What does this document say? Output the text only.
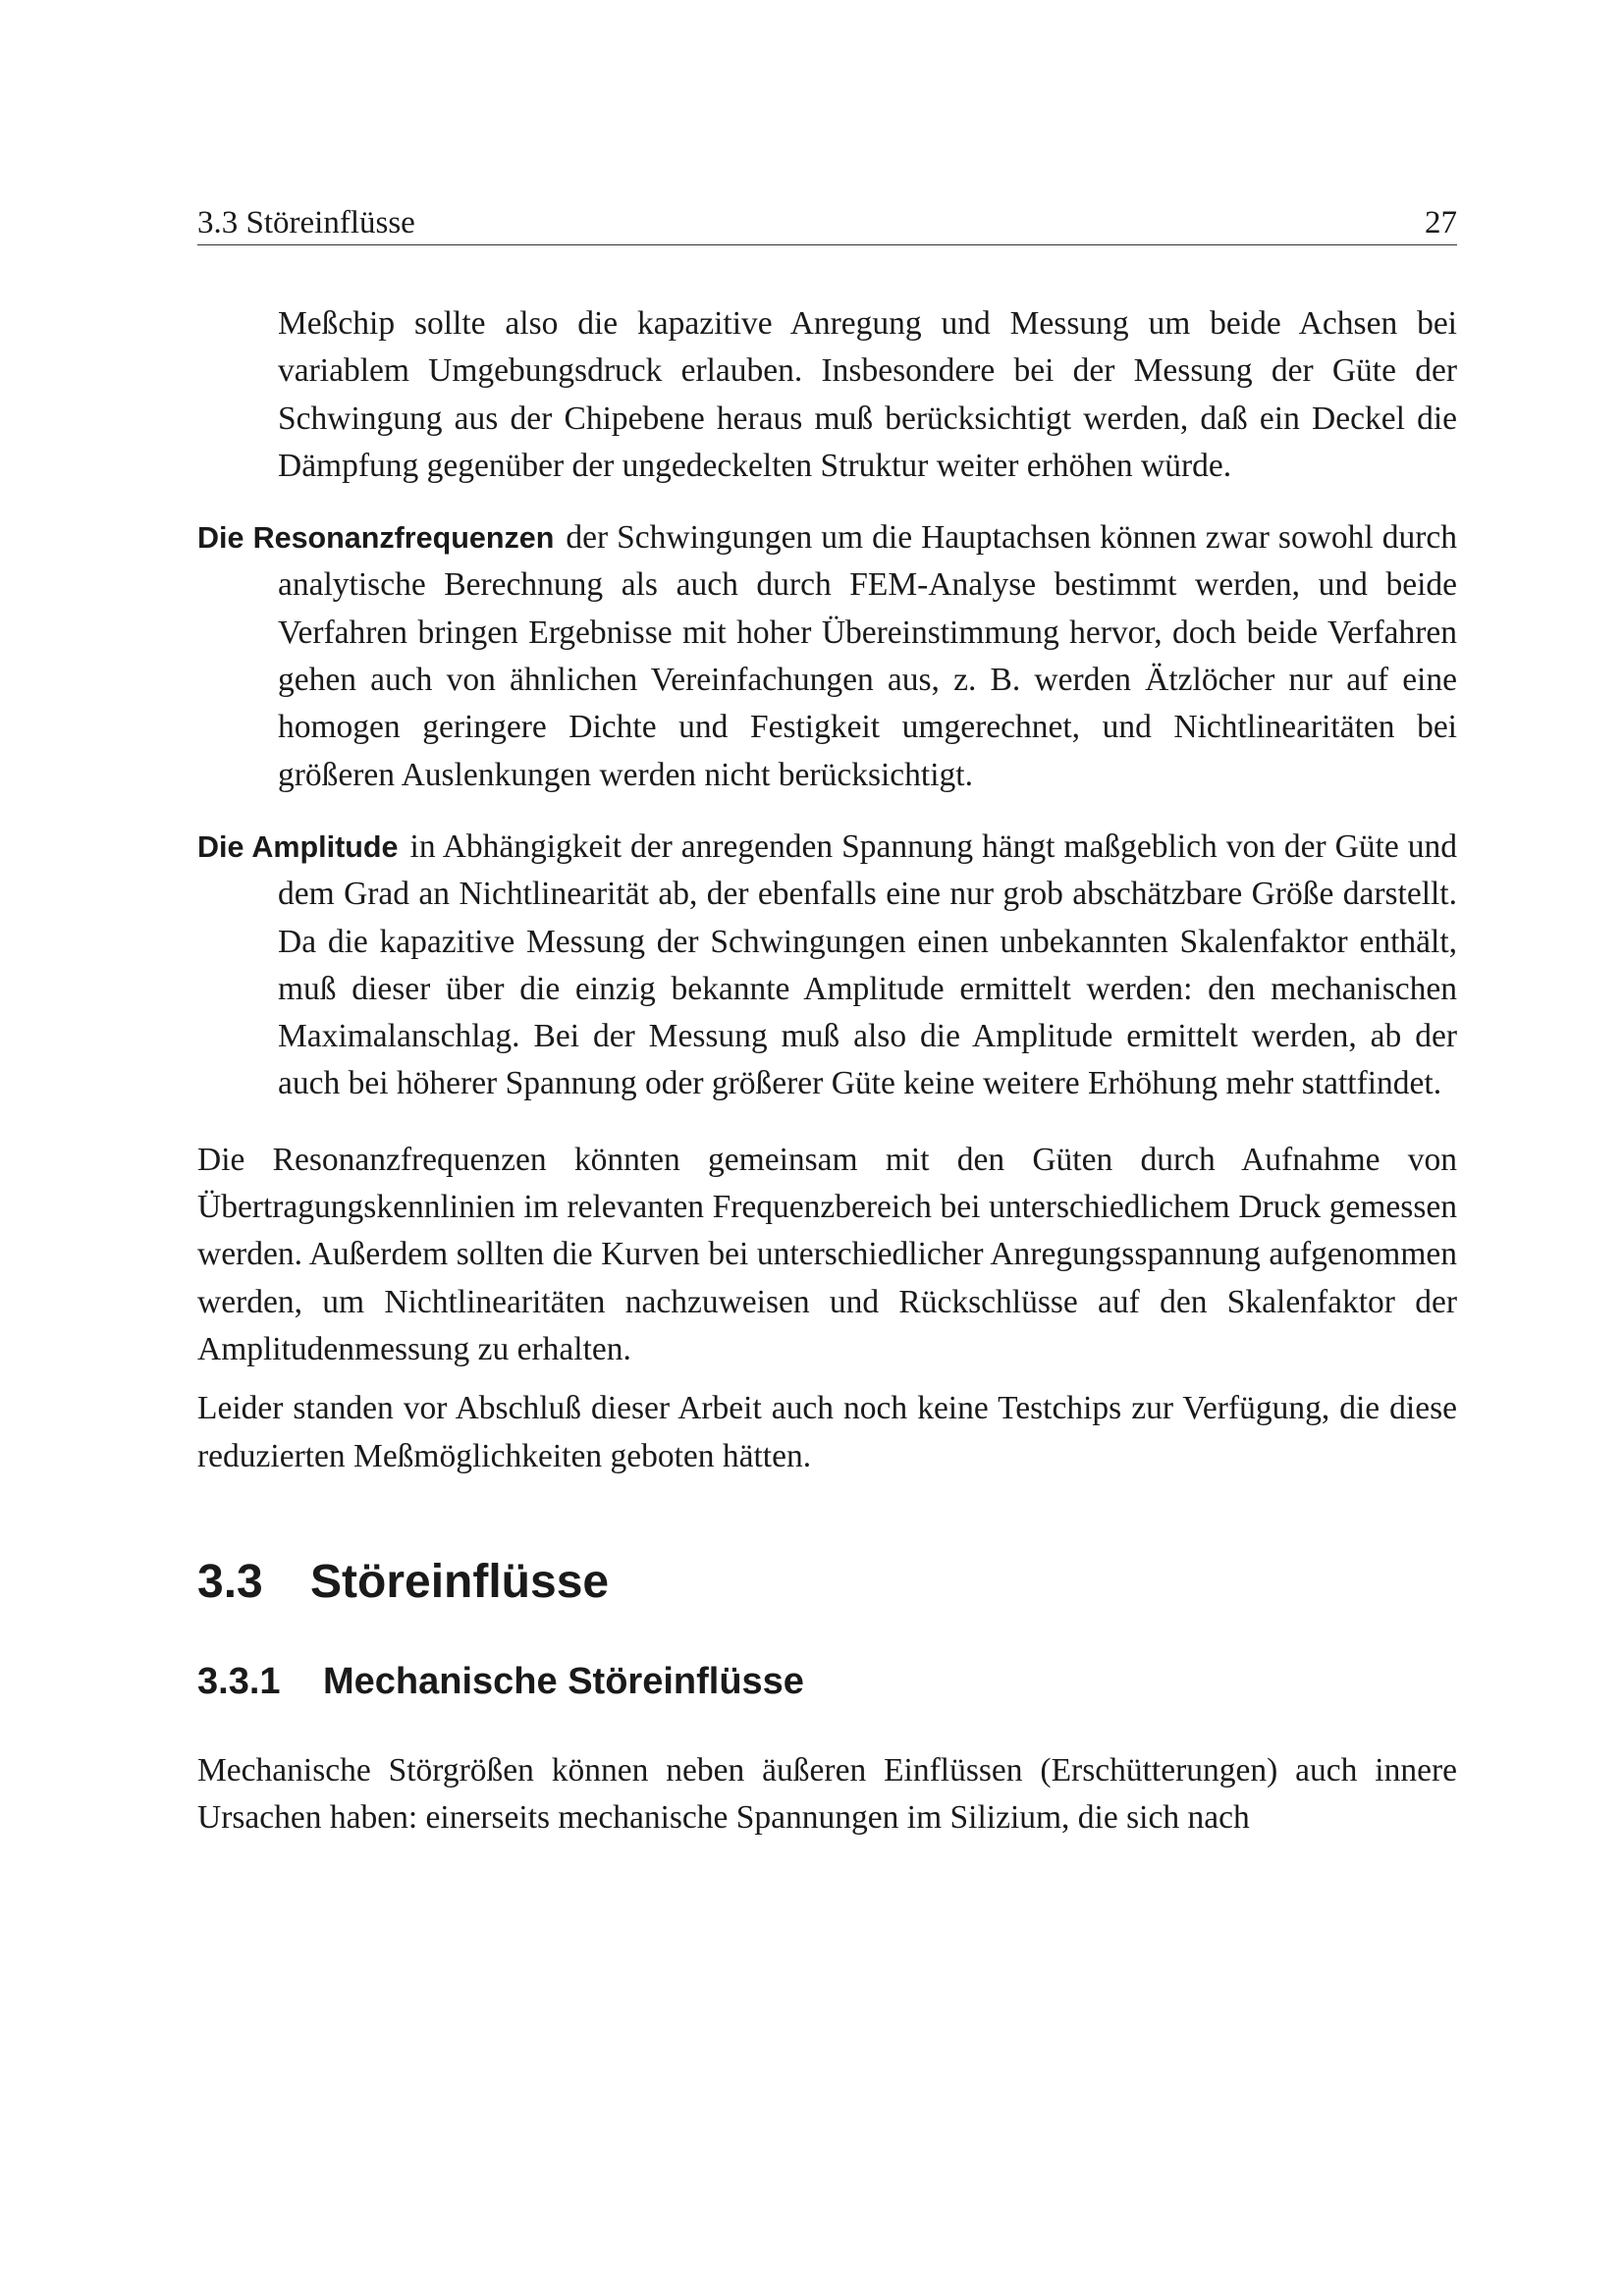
3.3 Störeinflüsse	27

Meßchip sollte also die kapazitive Anregung und Messung um beide Achsen bei variablem Umgebungsdruck erlauben. Insbesondere bei der Messung der Güte der Schwingung aus der Chipebene heraus muß berücksichtigt werden, daß ein Deckel die Dämpfung gegenüber der ungedeckelten Struktur weiter erhöhen würde.

Die Resonanzfrequenzen der Schwingungen um die Hauptachsen können zwar sowohl durch analytische Berechnung als auch durch FEM-Analyse bestimmt werden, und beide Verfahren bringen Ergebnisse mit hoher Übereinstimmung hervor, doch beide Verfahren gehen auch von ähnlichen Vereinfachungen aus, z. B. werden Ätzlöcher nur auf eine homogen geringere Dichte und Festigkeit umgerechnet, und Nichtlinearitäten bei größeren Auslenkungen werden nicht berücksichtigt.

Die Amplitude in Abhängigkeit der anregenden Spannung hängt maßgeblich von der Güte und dem Grad an Nichtlinearität ab, der ebenfalls eine nur grob abschätzbare Größe darstellt. Da die kapazitive Messung der Schwingungen einen unbekannten Skalenfaktor enthält, muß dieser über die einzig bekannte Amplitude ermittelt werden: den mechanischen Maximalanschlag. Bei der Messung muß also die Amplitude ermittelt werden, ab der auch bei höherer Spannung oder größerer Güte keine weitere Erhöhung mehr stattfindet.

Die Resonanzfrequenzen könnten gemeinsam mit den Güten durch Aufnahme von Übertragungskennlinien im relevanten Frequenzbereich bei unterschiedlichem Druck gemessen werden. Außerdem sollten die Kurven bei unterschiedlicher Anregungsspannung aufgenommen werden, um Nichtlinearitäten nachzuweisen und Rückschlüsse auf den Skalenfaktor der Amplitudenmessung zu erhalten.

Leider standen vor Abschluß dieser Arbeit auch noch keine Testchips zur Verfügung, die diese reduzierten Meßmöglichkeiten geboten hätten.

3.3	Störeinflüsse
3.3.1	Mechanische Störeinflüsse

Mechanische Störgrößen können neben äußeren Einflüssen (Erschütterungen) auch innere Ursachen haben: einerseits mechanische Spannungen im Silizium, die sich nach
